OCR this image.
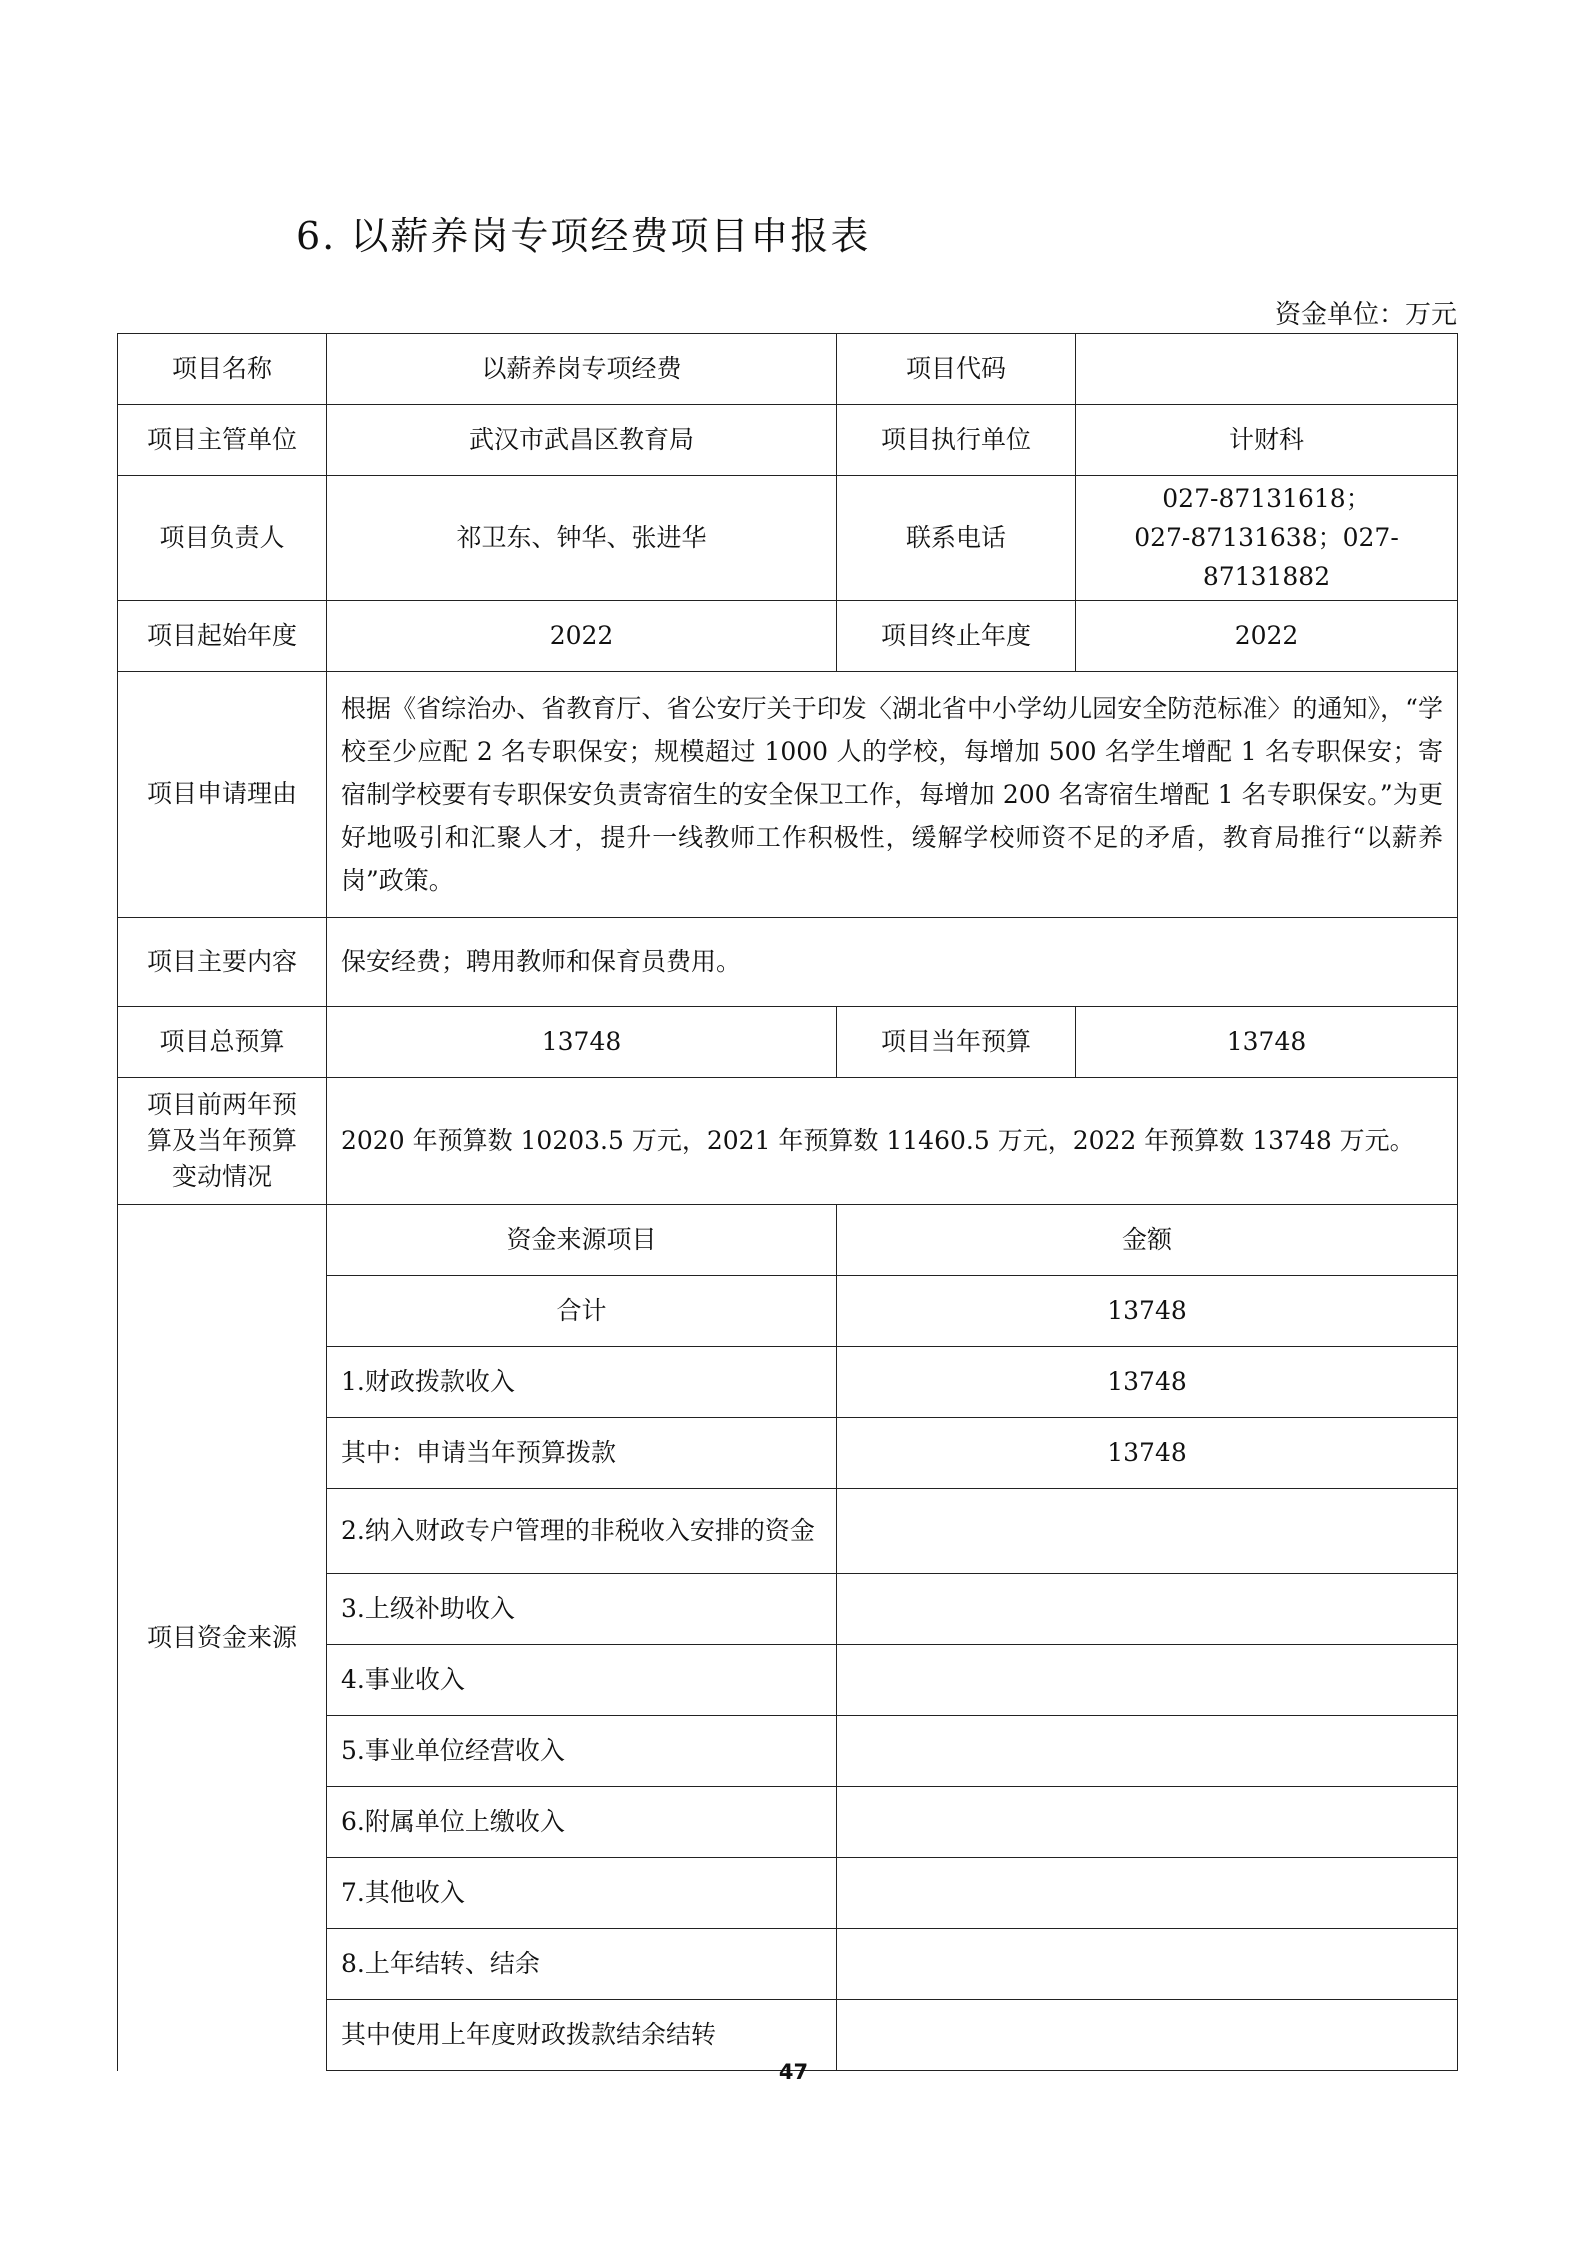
6. 以薪养岗专项经费项目申报表
资金单位：万元
项目名称	以薪养岗专项经费	项目代码	
项目主管单位	武汉市武昌区教育局	项目执行单位	计财科
项目负责人	祁卫东、钟华、张进华	联系电话	027-87131618；
027-87131638；027-87131882

项目起始年度	2022	项目终止年度	2022
项目申请理由	根据《省综治办、省教育厅、省公安厅关于印发〈湖北省中小学幼儿园安全防范标准〉的通知》，“学校至少应配 2 名专职保安；规模超过 1000 人的学校，每增加 500 名学生增配 1 名专职保安；寄宿制学校要有专职保安负责寄宿生的安全保卫工作，每增加 200 名寄宿生增配 1 名专职保安。”为更好地吸引和汇聚人才，提升一线教师工作积极性，缓解学校师资不足的矛盾，教育局推行“以薪养岗”政策。		
项目主要内容	保安经费；聘用教师和保育员费用。		
项目总预算	13748	项目当年预算	13748

项目前两年预
算及当年预算
变动情况	2020 年预算数 10203.5 万元，2021 年预算数 11460.5 万元，2022 年预算数 13748 万元。		
项目资金来源	资金来源项目	金额	
	合计	13748	
	1.财政拨款收入	13748	
	其中：申请当年预算拨款	13748	
	2.纳入财政专户管理的非税收入安排的资金		
	3.上级补助收入		
	4.事业收入		
	5.事业单位经营收入		
	6.附属单位上缴收入		
	7.其他收入		
	8.上年结转、结余		
	其中使用上年度财政拨款结余结转		
47
